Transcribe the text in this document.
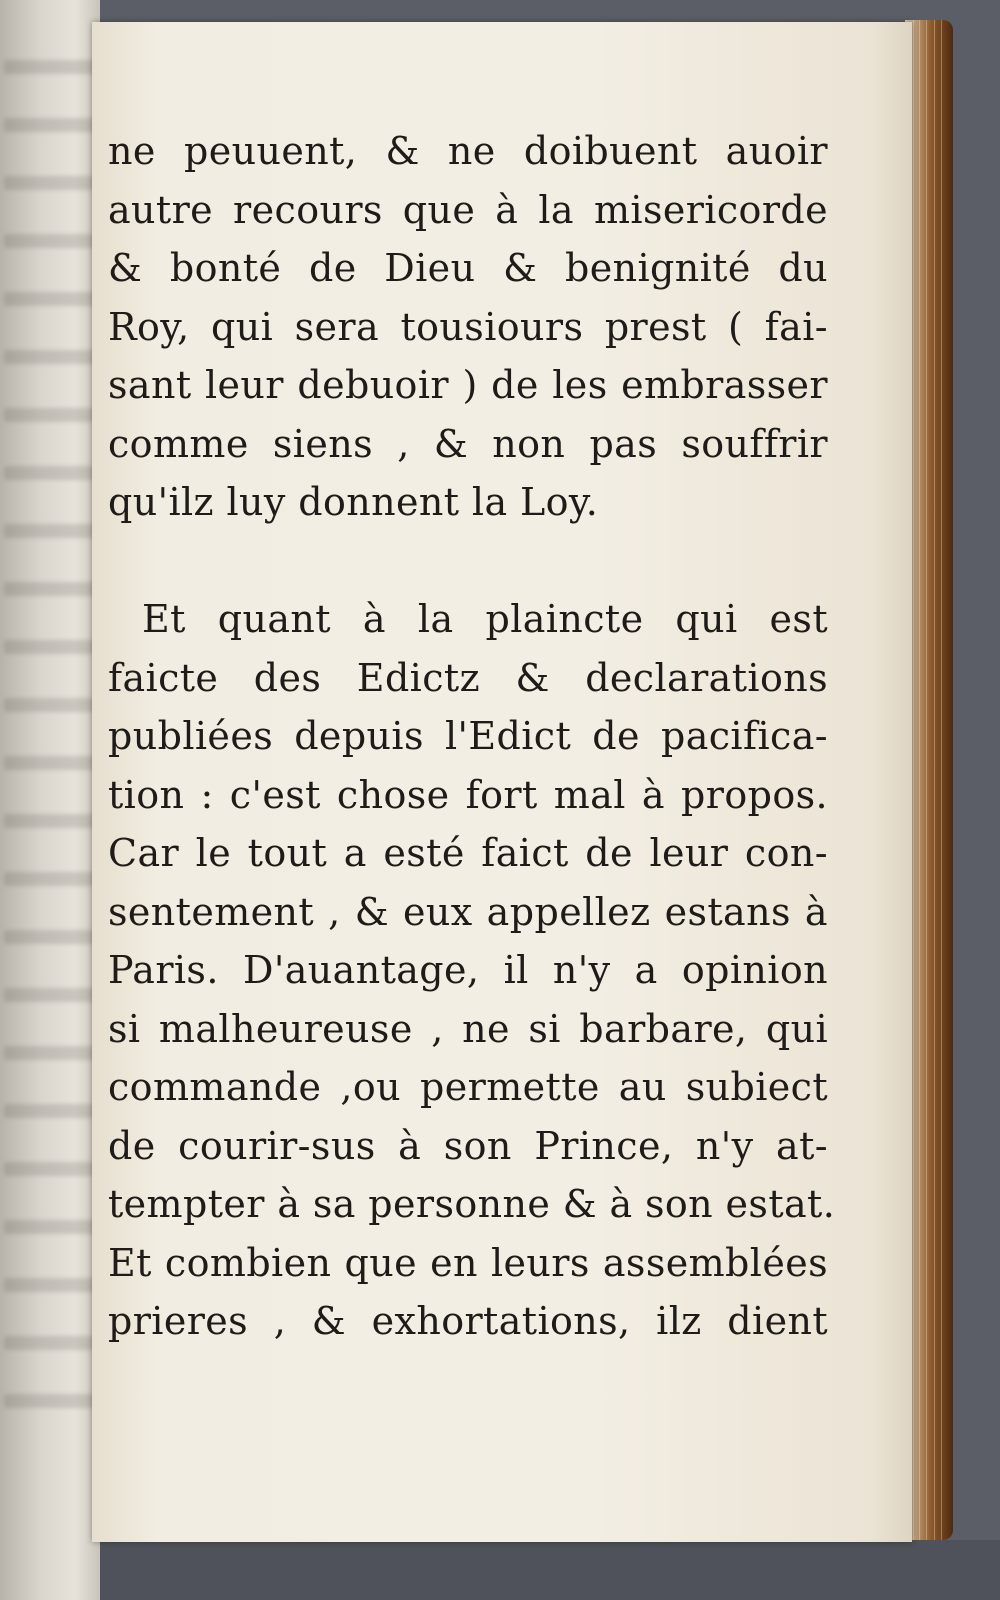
ne peuuent, & ne doibuent auoir
autre recours que à la misericorde
& bonté de Dieu & benignité du
Roy, qui sera tousiours prest ( fai-
sant leur debuoir ) de les embrasser
comme siens , & non pas souffrir
qu'ilz luy donnent la Loy.
Et quant à la plaincte qui est
faicte des Edictz & declarations
publiées depuis l'Edict de pacifica-
tion : c'est chose fort mal à propos.
Car le tout a esté faict de leur con-
sentement , & eux appellez estans à
Paris. D'auantage, il n'y a opinion
si malheureuse , ne si barbare, qui
commande ,ou permette au subiect
de courir-sus à son Prince, n'y at-
tempter à sa personne & à son estat.
Et combien que en leurs assemblées
prieres , & exhortations, ilz dient
